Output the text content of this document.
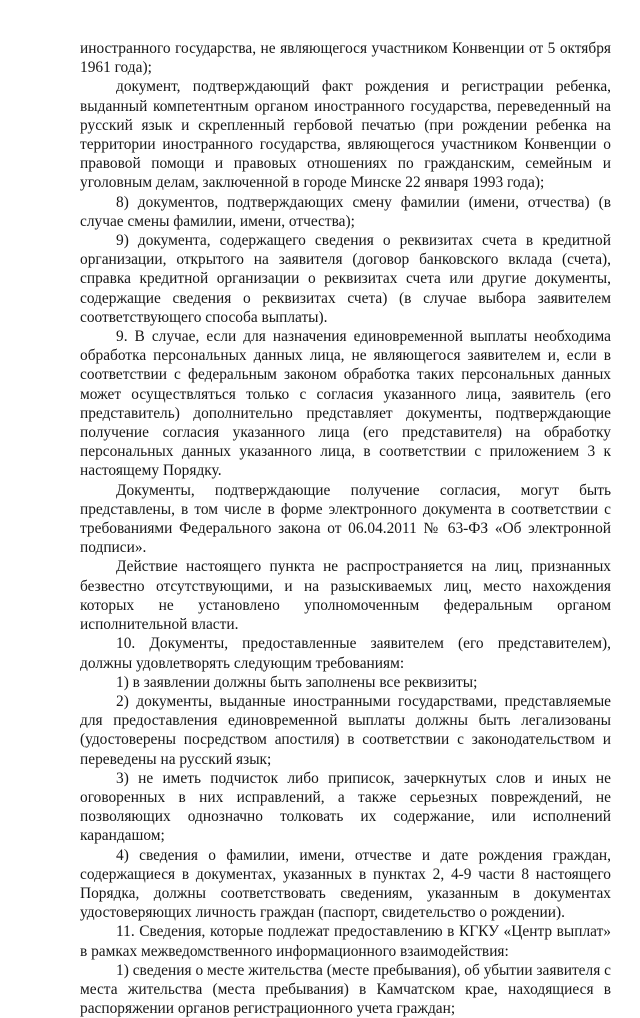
иностранного государства, не являющегося участником Конвенции от 5 октября 1961 года);

документ, подтверждающий факт рождения и регистрации ребенка, выданный компетентным органом иностранного государства, переведенный на русский язык и скрепленный гербовой печатью (при рождении ребенка на территории иностранного государства, являющегося участником Конвенции о правовой помощи и правовых отношениях по гражданским, семейным и уголовным делам, заключенной в городе Минске 22 января 1993 года);

8) документов, подтверждающих смену фамилии (имени, отчества) (в случае смены фамилии, имени, отчества);

9) документа, содержащего сведения о реквизитах счета в кредитной организации, открытого на заявителя (договор банковского вклада (счета), справка кредитной организации о реквизитах счета или другие документы, содержащие сведения о реквизитах счета) (в случае выбора заявителем соответствующего способа выплаты).

9. В случае, если для назначения единовременной выплаты необходима обработка персональных данных лица, не являющегося заявителем и, если в соответствии с федеральным законом обработка таких персональных данных может осуществляться только с согласия указанного лица, заявитель (его представитель) дополнительно представляет документы, подтверждающие получение согласия указанного лица (его представителя) на обработку персональных данных указанного лица, в соответствии с приложением 3 к настоящему Порядку.

Документы, подтверждающие получение согласия, могут быть представлены, в том числе в форме электронного документа в соответствии с требованиями Федерального закона от 06.04.2011 № 63-ФЗ «Об электронной подписи».

Действие настоящего пункта не распространяется на лиц, признанных безвестно отсутствующими, и на разыскиваемых лиц, место нахождения которых не установлено уполномоченным федеральным органом исполнительной власти.

10. Документы, предоставленные заявителем (его представителем), должны удовлетворять следующим требованиям:

1) в заявлении должны быть заполнены все реквизиты;

2) документы, выданные иностранными государствами, представляемые для предоставления единовременной выплаты должны быть легализованы (удостоверены посредством апостиля) в соответствии с законодательством и переведены на русский язык;

3) не иметь подчисток либо приписок, зачеркнутых слов и иных не оговоренных в них исправлений, а также серьезных повреждений, не позволяющих однозначно толковать их содержание, или исполнений карандашом;

4) сведения о фамилии, имени, отчестве и дате рождения граждан, содержащиеся в документах, указанных в пунктах 2, 4-9 части 8 настоящего Порядка, должны соответствовать сведениям, указанным в документах удостоверяющих личность граждан (паспорт, свидетельство о рождении).

11. Сведения, которые подлежат предоставлению в КГКУ «Центр выплат» в рамках межведомственного информационного взаимодействия:

1) сведения о месте жительства (месте пребывания), об убытии заявителя с места жительства (места пребывания) в Камчатском крае, находящиеся в распоряжении органов регистрационного учета граждан;
